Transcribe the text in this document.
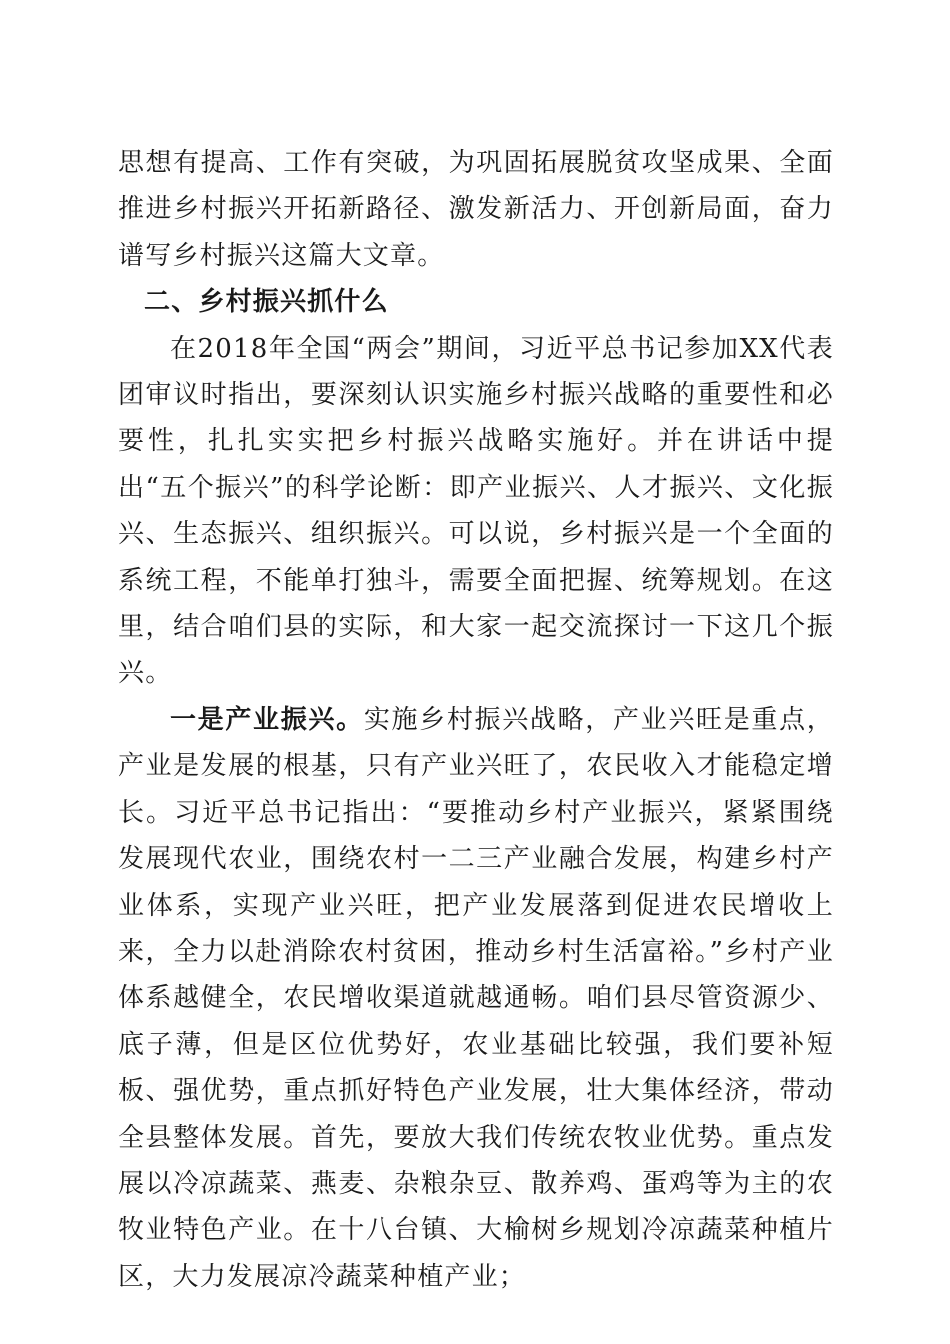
思想有提高、工作有突破，为巩固拓展脱贫攻坚成果、全面推进乡村振兴开拓新路径、激发新活力、开创新局面，奋力谱写乡村振兴这篇大文章。

二、乡村振兴抓什么

在2018年全国“两会”期间，习近平总书记参加XX代表团审议时指出，要深刻认识实施乡村振兴战略的重要性和必要性，扎扎实实把乡村振兴战略实施好。并在讲话中提出“五个振兴”的科学论断：即产业振兴、人才振兴、文化振兴、生态振兴、组织振兴。可以说，乡村振兴是一个全面的系统工程，不能单打独斗，需要全面把握、统筹规划。在这里，结合咱们县的实际，和大家一起交流探讨一下这几个振兴。

一是产业振兴。实施乡村振兴战略，产业兴旺是重点，产业是发展的根基，只有产业兴旺了，农民收入才能稳定增长。习近平总书记指出：“要推动乡村产业振兴，紧紧围绕发展现代农业，围绕农村一二三产业融合发展，构建乡村产业体系，实现产业兴旺，把产业发展落到促进农民增收上来，全力以赴消除农村贫困，推动乡村生活富裕。”乡村产业体系越健全，农民增收渠道就越通畅。咱们县尽管资源少、底子薄，但是区位优势好，农业基础比较强，我们要补短板、强优势，重点抓好特色产业发展，壮大集体经济，带动全县整体发展。首先，要放大我们传统农牧业优势。重点发展以冷凉蔬菜、燕麦、杂粮杂豆、散养鸡、蛋鸡等为主的农牧业特色产业。在十八台镇、大榆树乡规划冷凉蔬菜种植片区，大力发展凉冷蔬菜种植产业；
